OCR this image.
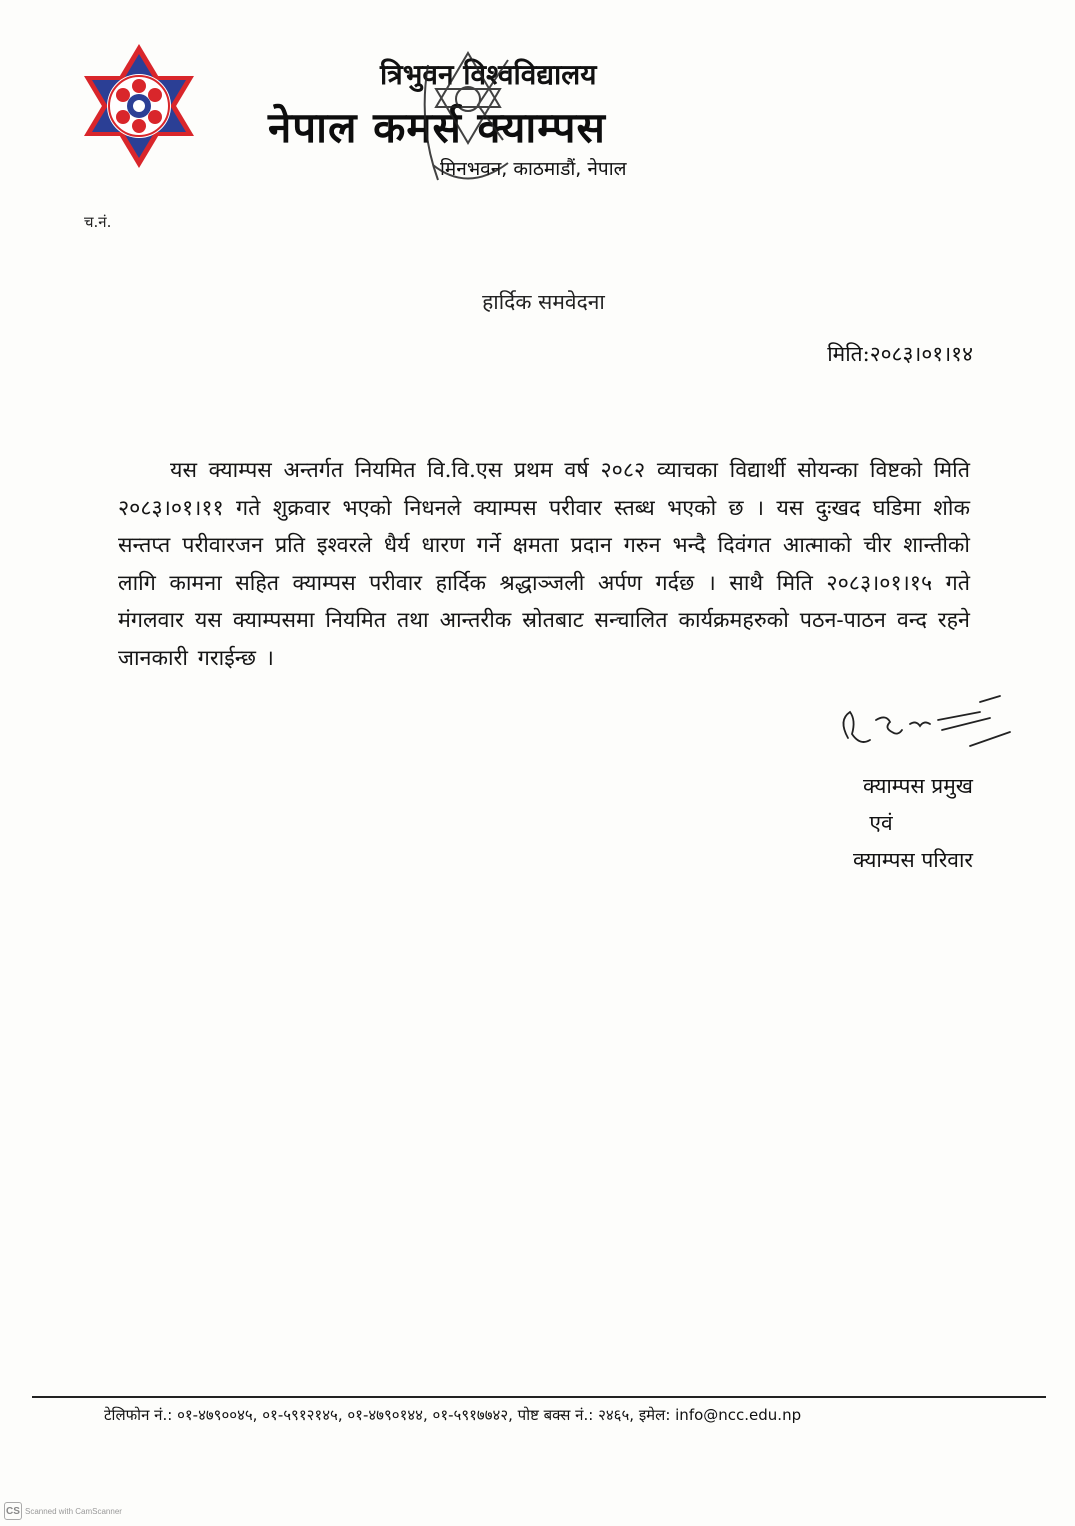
त्रिभुवन विश्वविद्यालय
नेपाल कमर्स क्याम्पस
मिनभवन, काठमाडौं, नेपाल
च.नं.
हार्दिक समवेदना
मिति:२०८३।०१।१४
यस क्याम्पस अन्तर्गत नियमित वि.वि.एस प्रथम वर्ष २०८२ व्याचका विद्यार्थी सोयन्का विष्टको मिति २०८३।०१।११ गते शुक्रवार भएको निधनले क्याम्पस परीवार स्तब्ध भएको छ । यस दुःखद घडिमा शोक सन्तप्त परीवारजन प्रति इश्वरले धैर्य धारण गर्ने क्षमता प्रदान गरुन भन्दै दिवंगत आत्माको चीर शान्तीको लागि कामना सहित क्याम्पस परीवार हार्दिक श्रद्धाञ्जली अर्पण गर्दछ । साथै मिति २०८३।०१।१५ गते मंगलवार यस क्याम्पसमा नियमित तथा आन्तरीक स्रोतबाट सन्चालित कार्यक्रमहरुको पठन-पाठन वन्द रहने जानकारी गराईन्छ ।
क्याम्पस प्रमुख
एवं
क्याम्पस परिवार
टेलिफोन नं.: ०१-४७९००४५, ०१-५९१२१४५, ०१-४७९०१४४, ०१-५९१७७४२, पोष्ट बक्स नं.: २४६५, इमेल: info@ncc.edu.np
CS Scanned with CamScanner
